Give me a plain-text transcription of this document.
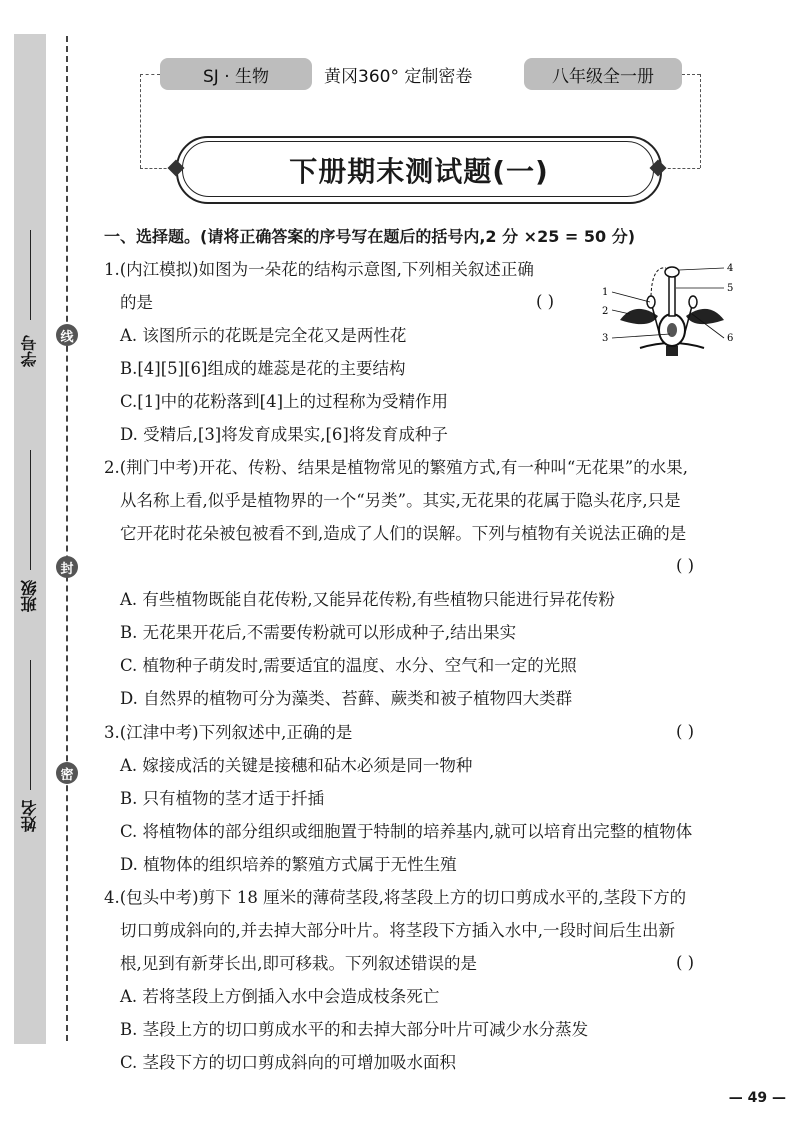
学号
班级
姓名
线
封
密
SJ · 生物	黄冈360° 定制密卷	八年级全一册
下册期末测试题(一)
一、选择题。(请将正确答案的序号写在题后的括号内,2 分 ×25 = 50 分)
1.(内江模拟)如图为一朵花的结构示意图,下列相关叙述正确
的是	( )
A. 该图所示的花既是完全花又是两性花
B.[4][5][6]组成的雄蕊是花的主要结构
C.[1]中的花粉落到[4]上的过程称为受精作用
D. 受精后,[3]将发育成果实,[6]将发育成种子
1
2
3
4
5
6
2.(荆门中考)开花、传粉、结果是植物常见的繁殖方式,有一种叫“无花果”的水果,
从名称上看,似乎是植物界的一个“另类”。其实,无花果的花属于隐头花序,只是
它开花时花朵被包被看不到,造成了人们的误解。下列与植物有关说法正确的是
( )
A. 有些植物既能自花传粉,又能异花传粉,有些植物只能进行异花传粉
B. 无花果开花后,不需要传粉就可以形成种子,结出果实
C. 植物种子萌发时,需要适宜的温度、水分、空气和一定的光照
D. 自然界的植物可分为藻类、苔藓、蕨类和被子植物四大类群
3.(江津中考)下列叙述中,正确的是	( )
A. 嫁接成活的关键是接穗和砧木必须是同一物种
B. 只有植物的茎才适于扦插
C. 将植物体的部分组织或细胞置于特制的培养基内,就可以培育出完整的植物体
D. 植物体的组织培养的繁殖方式属于无性生殖
4.(包头中考)剪下 18 厘米的薄荷茎段,将茎段上方的切口剪成水平的,茎段下方的
切口剪成斜向的,并去掉大部分叶片。将茎段下方插入水中,一段时间后生出新
根,见到有新芽长出,即可移栽。下列叙述错误的是	( )
A. 若将茎段上方倒插入水中会造成枝条死亡
B. 茎段上方的切口剪成水平的和去掉大部分叶片可减少水分蒸发
C. 茎段下方的切口剪成斜向的可增加吸水面积
— 49 —
